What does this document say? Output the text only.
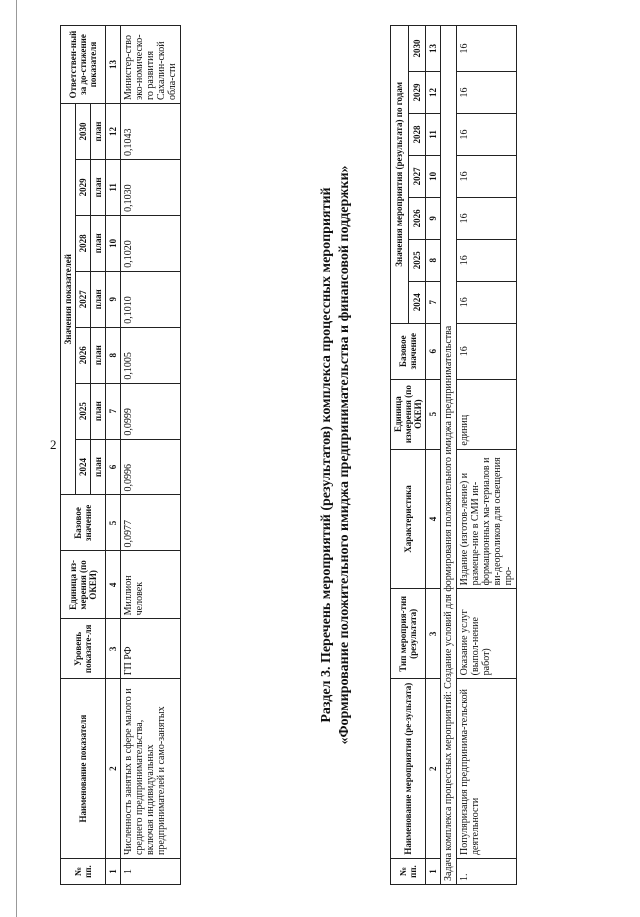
2
№ пп.	Наименование показателя	Уровень показате-ля	Единица из-мерения (по ОКЕИ)	Базовое значение	Значения показателей							Ответствен-ный за до-стижение показателя
					2024	2025	2026	2027	2028	2029	2030	
					план	план	план	план	план	план	план	
1	2	3	4	5	6	7	8	9	10	11	12	13
1	Численность занятых в сфере малого и среднего предпринимательства, включая индивидуальных предпринимателей и само-занятых	ГП РФ	Миллион человек	0,0977	0,0996	0,0999	0,1005	0,1010	0,1020	0,1030	0,1043	Министер-ство эко-номическо-го развития Сахалин-ской обла-сти
Раздел 3. Перечень мероприятий (результатов) комплекса процессных мероприятий «Формирование положительного имиджа предпринимательства и финансовой поддержки»
№ пп.	Наименование мероприятия (ре-зультата)	Тип мероприя-тия (результата)	Характеристика	Единица измерения (по ОКЕИ)	Базовое значение	Значения мероприятия (результата) по годам						
						2024	2025	2026	2027	2028	2029	2030
1	2	3	4	5	6	7	8	9	10	11	12	13
Задача комплекса процессных мероприятий: Создание условий для формирования положительного имиджа предпринимательства												
1.	Популяризация предпринима-тельской деятельности	Оказание услуг (выпол-нение работ)	Издание (изготов-ление) и размеще-ние в СМИ ин-формационных ма-териалов и ви-деороликов для освещения про-	единиц	16	16	16	16	16	16	16	16
